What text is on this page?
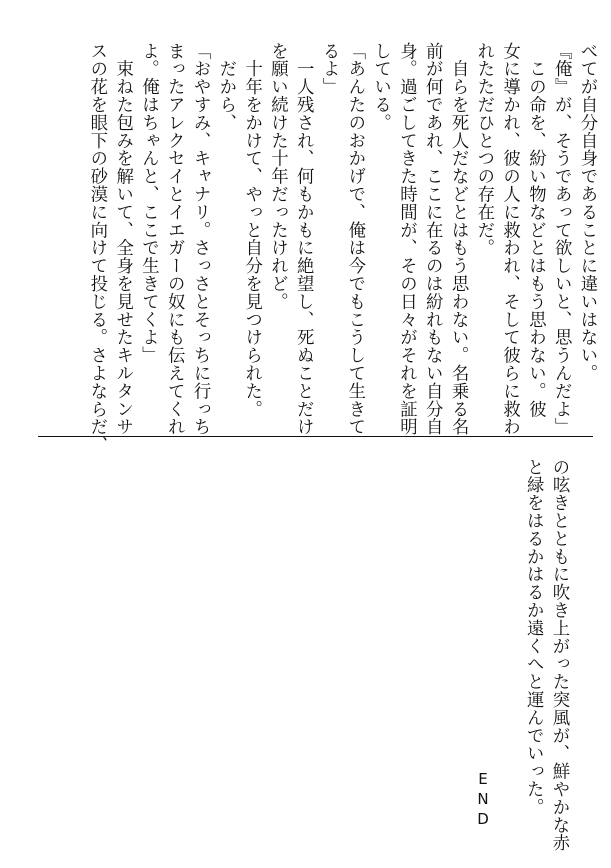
べてが自分自身であることに違いはない。
『俺』が、そうであって欲しいと、思うんだよ」
　この命を、紛い物などとはもう思わない。彼
女に導かれ、彼の人に救われ、そして彼らに救わ
れたただひとつの存在だ。
　自らを死人だなどとはもう思わない。名乗る名
前が何であれ、ここに在るのは紛れもない自分自
身。過ごしてきた時間が、その日々がそれを証明
している。
「あんたのおかげで、俺は今でもこうして生きて
るよ」
　一人残され、何もかもに絶望し、死ぬことだけ
を願い続けた十年だったけれど。
　十年をかけて、やっと自分を見つけられた。
　だから、
「おやすみ、キャナリ。さっさとそっちに行っち
まったアレクセイとイエガーの奴にも伝えてくれ
よ。俺はちゃんと、ここで生きてくよ」
　束ねた包みを解いて、全身を見せたキルタンサ
スの花を眼下の砂漠に向けて投じる。さよならだ、
の呟きとともに吹き上がった突風が、鮮やかな赤
と緑をはるかはるか遠くへと運んでいった。
END
